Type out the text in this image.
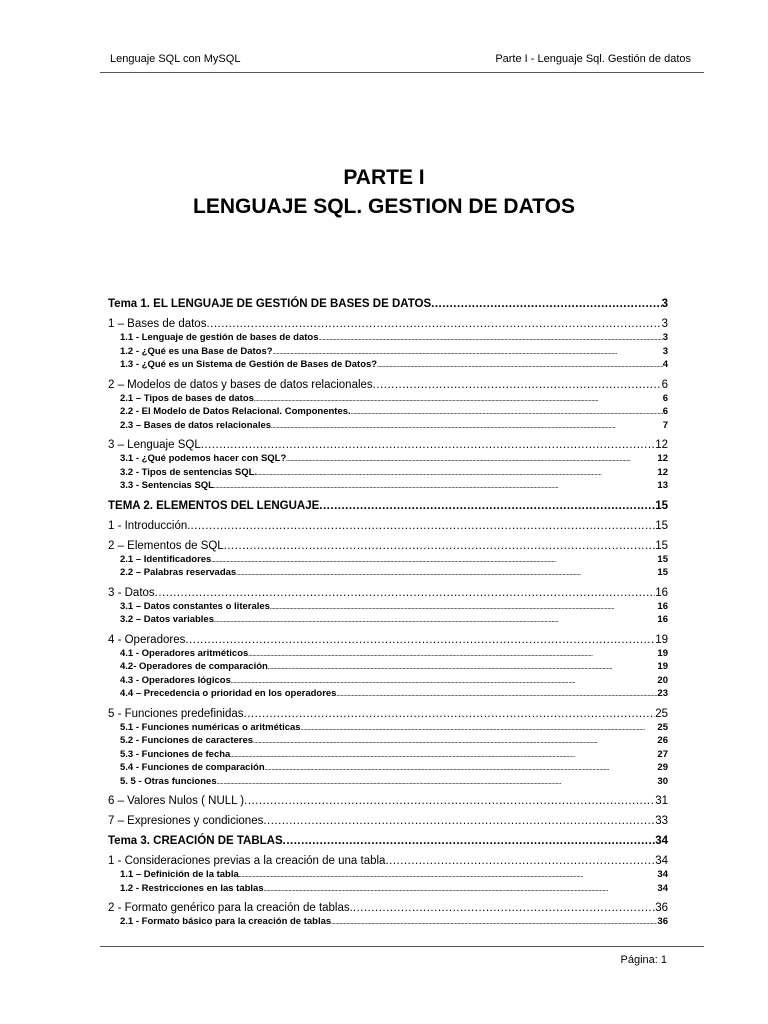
Lenguaje SQL con MySQL	Parte I - Lenguaje Sql. Gestión de datos
PARTE I
LENGUAJE SQL. GESTION DE DATOS
Tema 1. EL LENGUAJE DE GESTIÓN DE BASES DE DATOS .....	3
1 – Bases de datos .....	3
1.1 - Lenguaje de gestión de bases de datos .....	3
1.2 - ¿Qué es una Base de Datos? .....	3
1.3 - ¿Qué es un Sistema de Gestión de Bases de Datos? .....	4
2 – Modelos de datos y bases de datos relacionales .....	6
2.1 – Tipos de bases de datos .....	6
2.2 - El Modelo de Datos Relacional. Componentes. .....	6
2.3 – Bases de datos relacionales .....	7
3 – Lenguaje SQL .....	12
3.1 - ¿Qué podemos hacer con SQL? .....	12
3.2 - Tipos de sentencias SQL. .....	12
3.3 - Sentencias SQL .....	13
TEMA 2. ELEMENTOS DEL LENGUAJE .....	15
1 - Introducción. .....	15
2 – Elementos de SQL .....	15
2.1 – Identificadores .....	15
2.2 – Palabras reservadas .....	15
3 - Datos .....	16
3.1 – Datos constantes o literales .....	16
3.2 – Datos variables .....	16
4 - Operadores .....	19
4.1 - Operadores aritméticos .....	19
4.2- Operadores de comparación .....	19
4.3 - Operadores lógicos .....	20
4.4 – Precedencia o prioridad en los operadores .....	23
5 - Funciones predefinidas .....	25
5.1 - Funciones numéricas o aritméticas .....	25
5.2 - Funciones de caracteres .....	26
5.3 - Funciones de fecha .....	27
5.4 - Funciones de comparación .....	29
5. 5 - Otras funciones .....	30
6 – Valores Nulos ( NULL ) .....	31
7 – Expresiones y condiciones .....	33
Tema 3. CREACIÓN DE TABLAS .....	34
1 - Consideraciones previas a la creación de una tabla .....	34
1.1 – Definición de la tabla .....	34
1.2 - Restricciones en las tablas .....	34
2 - Formato genérico para la creación de tablas. .....	36
2.1 - Formato básico para la creación de tablas .....	36
Página: 1
